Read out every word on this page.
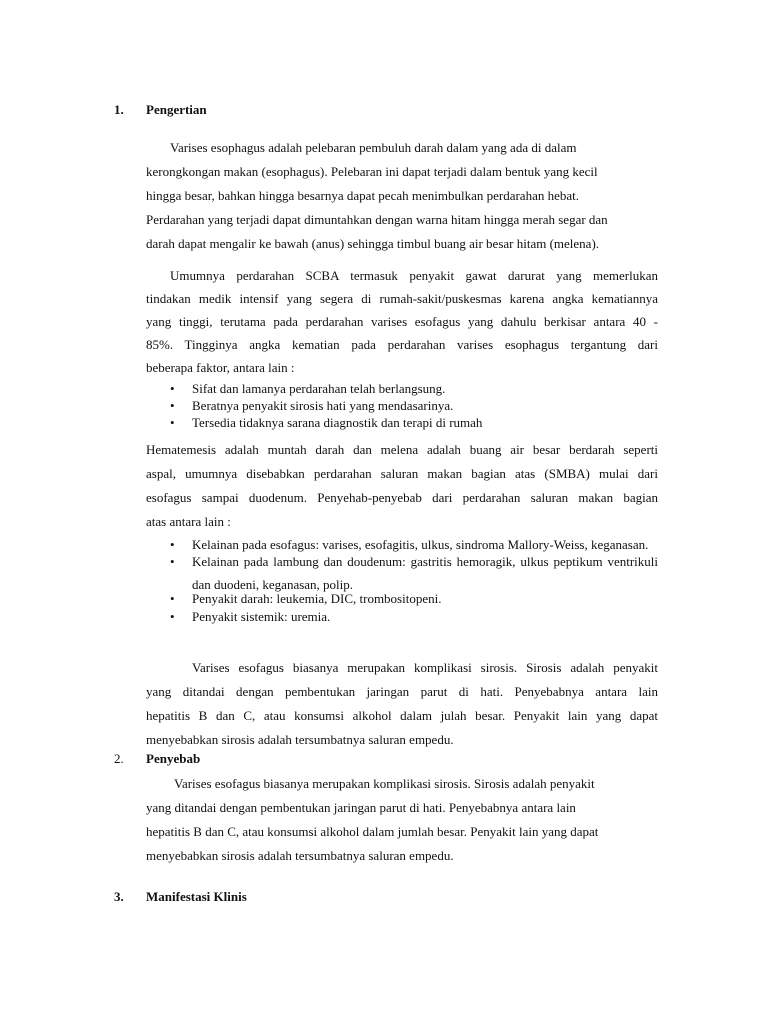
1. Pengertian

Varises esophagus adalah pelebaran pembuluh darah dalam yang ada di dalam
kerongkongan makan (esophagus). Pelebaran ini dapat terjadi dalam bentuk yang kecil
hingga besar, bahkan hingga besarnya dapat pecah menimbulkan perdarahan hebat.
Perdarahan yang terjadi dapat dimuntahkan dengan warna hitam hingga merah segar dan
darah dapat mengalir ke bawah (anus) sehingga timbul buang air besar hitam (melena).

Umumnya perdarahan SCBA termasuk penyakit gawat darurat yang memerlukan
tindakan medik intensif yang segera di rumah-sakit/puskesmas karena angka kematiannya
yang tinggi, terutama pada perdarahan varises esofagus yang dahulu berkisar antara 40 -
85%. Tingginya angka kematian pada perdarahan varises esophagus tergantung dari
beberapa faktor, antara lain :

• Sifat dan lamanya perdarahan telah berlangsung.
• Beratnya penyakit sirosis hati yang mendasarinya.
• Tersedia tidaknya sarana diagnostik dan terapi di rumah

Hematemesis adalah muntah darah dan melena adalah buang air besar berdarah seperti
aspal, umumnya disebabkan perdarahan saluran makan bagian atas (SMBA) mulai dari
esofagus sampai duodenum. Penyehab-penyebab dari perdarahan saluran makan bagian
atas antara lain :

• Kelainan pada esofagus: varises, esofagitis, ulkus, sindroma Mallory-Weiss, keganasan.
• Kelainan pada lambung dan doudenum: gastritis hemoragik, ulkus peptikum ventrikuli dan duodeni, keganasan, polip.
• Penyakit darah: leukemia, DIC, trombositopeni.
• Penyakit sistemik: uremia.

Varises esofagus biasanya merupakan komplikasi sirosis. Sirosis adalah penyakit
yang ditandai dengan pembentukan jaringan parut di hati. Penyebabnya antara lain
hepatitis B dan C, atau konsumsi alkohol dalam julah besar. Penyakit lain yang dapat
menyebabkan sirosis adalah tersumbatnya saluran empedu.

2. Penyebab

Varises esofagus biasanya merupakan komplikasi sirosis. Sirosis adalah penyakit
yang ditandai dengan pembentukan jaringan parut di hati. Penyebabnya antara lain
hepatitis B dan C, atau konsumsi alkohol dalam jumlah besar. Penyakit lain yang dapat
menyebabkan sirosis adalah tersumbatnya saluran empedu.

3. Manifestasi Klinis
